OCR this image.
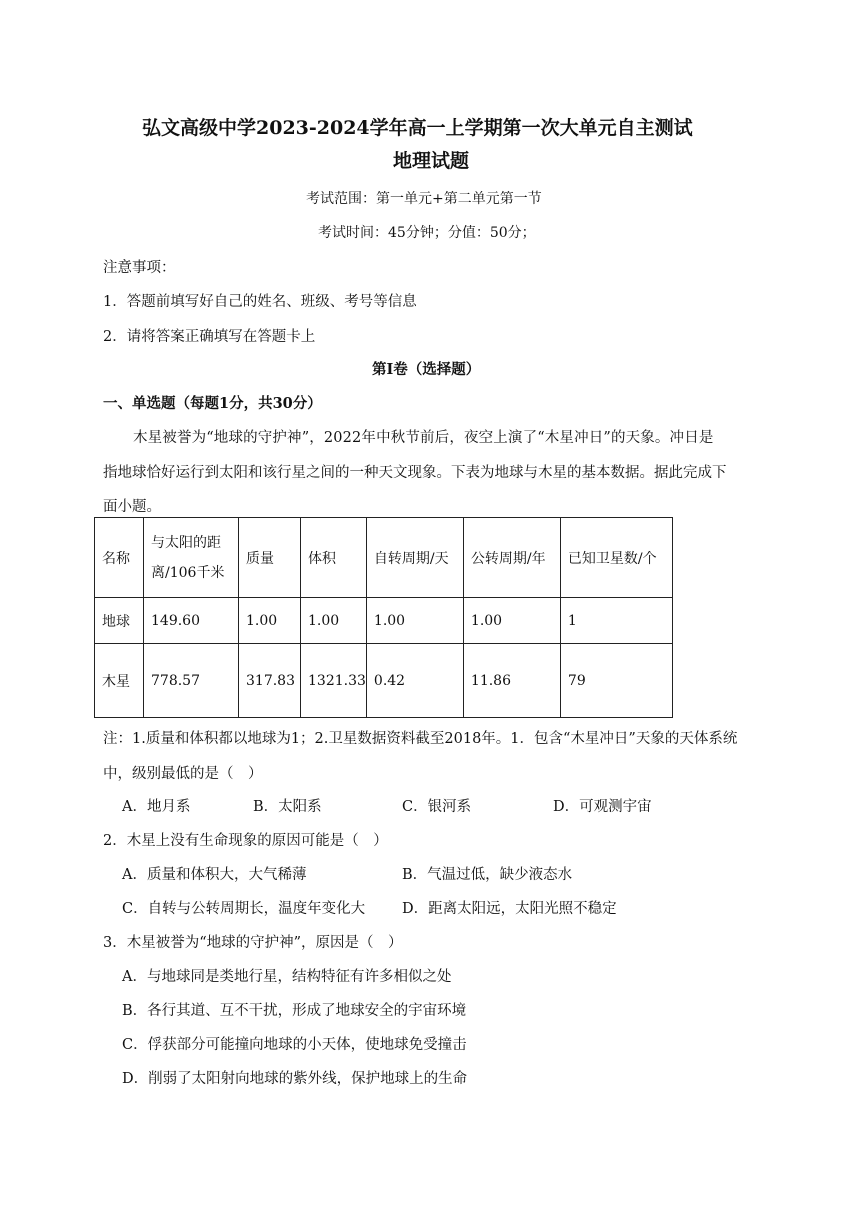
弘文高级中学2023-2024学年高一上学期第一次大单元自主测试
地理试题
考试范围：第一单元+第二单元第一节
考试时间：45分钟；分值：50分；
注意事项：
1．答题前填写好自己的姓名、班级、考号等信息
2．请将答案正确填写在答题卡上
第Ⅰ卷（选择题）
一、单选题（每题1分，共30分）
木星被誉为“地球的守护神”，2022年中秋节前后，夜空上演了“木星冲日”的天象。冲日是
指地球恰好运行到太阳和该行星之间的一种天文现象。下表为地球与木星的基本数据。据此完成下
面小题。
名称	与太阳的距离/106千米	质量	体积	自转周期/天	公转周期/年	已知卫星数/个
地球	149.60	1.00	1.00	1.00	1.00	1
木星	778.57	317.83	1321.33	0.42	11.86	79
注：1.质量和体积都以地球为1；2.卫星数据资料截至2018年。1．包含“木星冲日”天象的天体系统
中，级别最低的是（　）
A．地月系	B．太阳系	C．银河系	D．可观测宇宙
2．木星上没有生命现象的原因可能是（　）
A．质量和体积大，大气稀薄	B．气温过低，缺少液态水
C．自转与公转周期长，温度年变化大	D．距离太阳远，太阳光照不稳定
3．木星被誉为“地球的守护神”，原因是（　）
A．与地球同是类地行星，结构特征有许多相似之处
B．各行其道、互不干扰，形成了地球安全的宇宙环境
C．俘获部分可能撞向地球的小天体，使地球免受撞击
D．削弱了太阳射向地球的紫外线，保护地球上的生命
